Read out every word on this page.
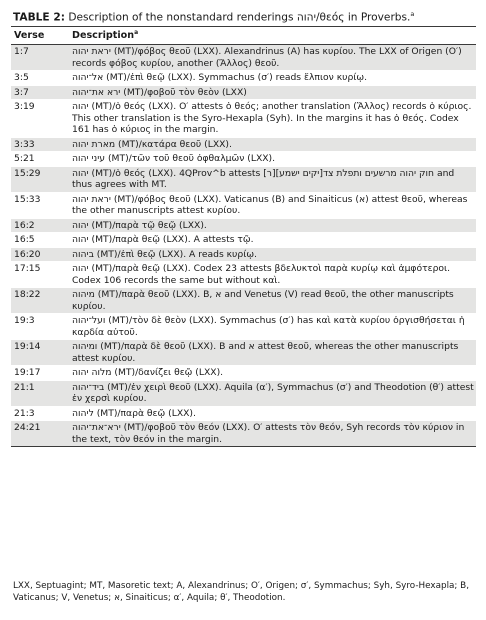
TABLE 2: Description of the nonstandard renderings יהוה/θεός in Proverbs.$^a$
Verse	Description$^a$
1:7	יראת יהוה (MT)/φόβος θεοῦ (LXX). Alexandrinus (A) has κυρίου. The LXX of Origen (O′) records φόβος κυρίου, another (Ἄλλος) θεοῦ.
3:5	אל־יהוה (MT)/ἐπὶ θεῷ (LXX). Symmachus (σ′) reads ἔλπιον κυρίῳ.
3:7	ירא את־יהוה (MT)/φοβοῦ τὸν θεὸν (LXX)
3:19	יהוה (MT)/ὁ θεός (LXX). O′ attests ὁ θεός; another translation (Ἄλλος) records ὁ κύριος. This other translation is the Syro-Hexapla (Syh). In the margins it has ὁ θεός. Codex 161 has ὁ κύριος in the margin.
3:33	מארת יהוה (MT)/κατάρα θεοῦ (LXX).
5:21	עיני יהוה (MT)/τῶν τοῦ θεοῦ ὀφθαλμῶν (LXX).
15:29	יהוה (MT)/ὁ θεός (LXX). 4QProv^b attests [ר]חוק יהוה מרשעים ותפלת צד[יקים ישמע] and thus agrees with MT.
15:33	יראת יהוה (MT)/φόβος θεοῦ (LXX). Vaticanus (B) and Sinaiticus (א) attest θεοῦ, whereas the other manuscripts attest κυρίου.
16:2	יהוה (MT)/παρὰ τῷ θεῷ (LXX).
16:5	יהוה (MT)/παρὰ θεῷ (LXX). A attests τῷ.
16:20	ביהוה (MT)/ἐπὶ θεῷ (LXX). A reads κυρίῳ.
17:15	יהוה (MT)/παρὰ θεῷ (LXX). Codex 23 attests βδελυκτοὶ παρὰ κυρίῳ καὶ ἀμφότεροι. Codex 106 records the same but without καὶ.
18:22	מיהוה (MT)/παρὰ θεοῦ (LXX). B, א and Venetus (V) read θεοῦ, the other manuscripts κυρίου.
19:3	ועל־יהוה (MT)/τὸν δὲ θεὸν (LXX). Symmachus (σ′) has καὶ κατὰ κυρίου ὀργισθήσεται ἡ καρδία αὐτοῦ.
19:14	ומיהוה (MT)/παρὰ δὲ θεοῦ (LXX). B and א attest θεοῦ, whereas the other manuscripts attest κυρίου.
19:17	מלוה יהוה (MT)/δανίζει θεῷ (LXX).
21:1	ביד־יהוה (MT)/ἐν χειρὶ θεοῦ (LXX). Aquila (α′), Symmachus (σ′) and Theodotion (θ′) attest ἐν χερσὶ κυρίου.
21:3	ליהוה (MT)/παρὰ θεῷ (LXX).
24:21	ירא־את־יהוה (MT)/φοβοῦ τὸν θεόν (LXX). O′ attests τὸν θεόν, Syh records τὸν κύριον in the text, τὸν θεόν in the margin.
LXX, Septuagint; MT, Masoretic text; A, Alexandrinus; O′, Origen; σ′, Symmachus; Syh, Syro-Hexapla; B, Vaticanus; V, Venetus; א, Sinaiticus; α′, Aquila; θ′, Theodotion.
